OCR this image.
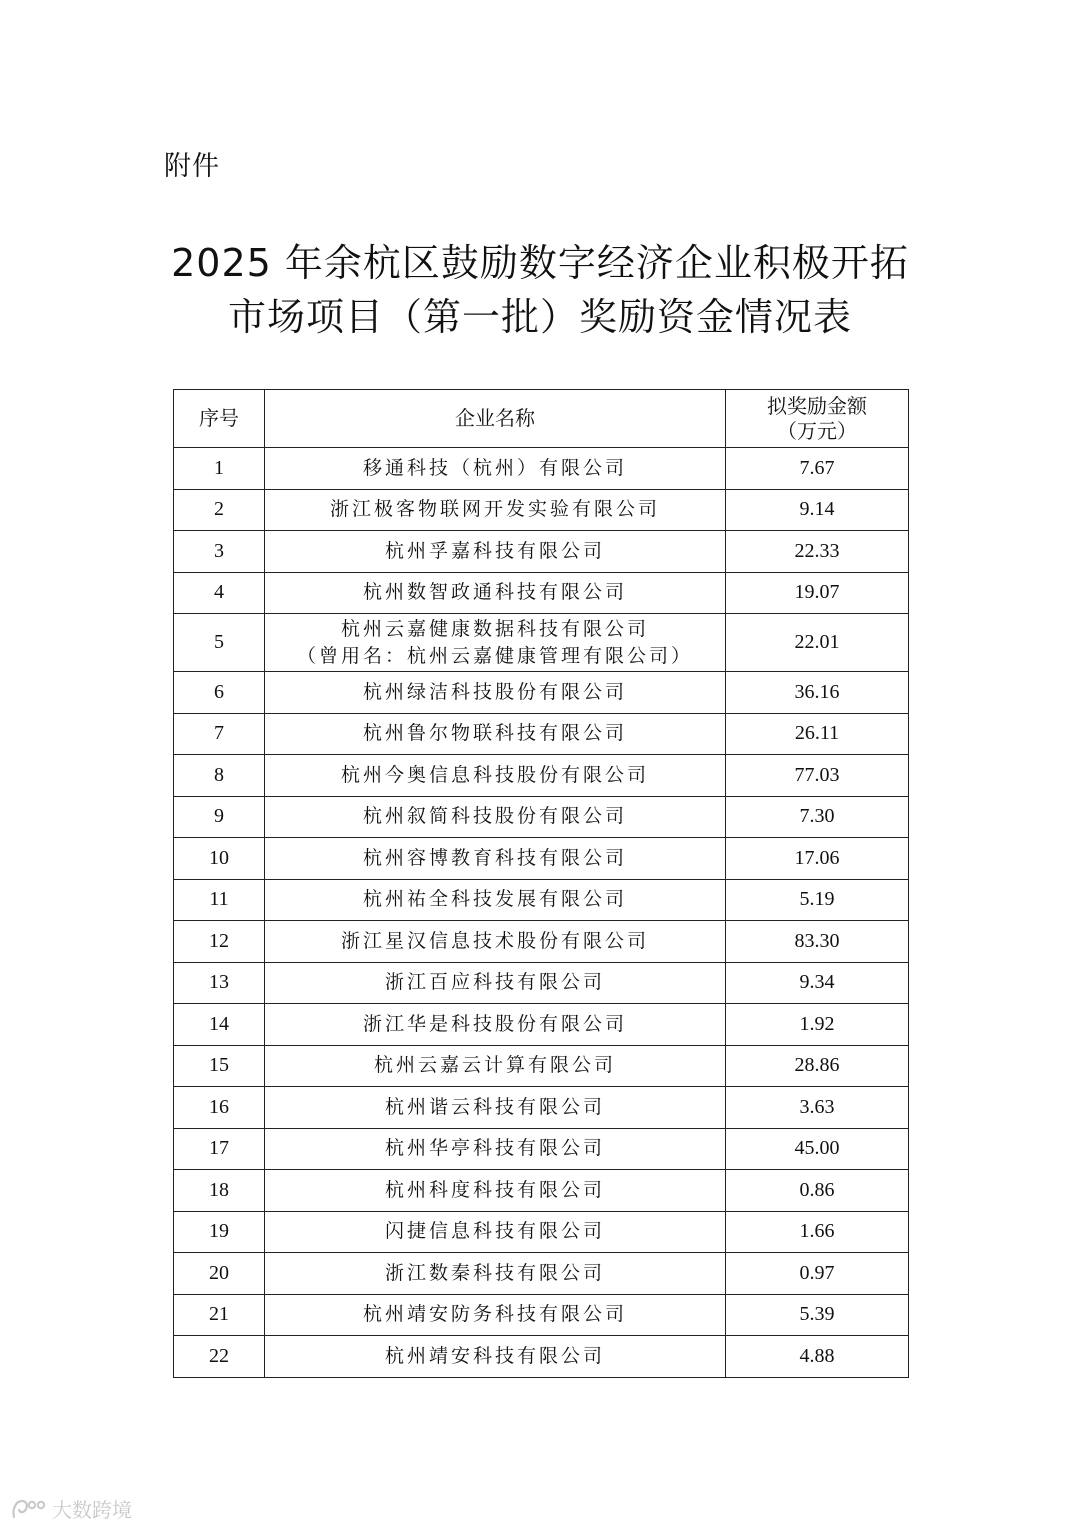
附件
2025 年余杭区鼓励数字经济企业积极开拓
市场项目（第一批）奖励资金情况表
序号	企业名称	拟奖励金额
（万元）

1	移通科技（杭州）有限公司	7.67
2	浙江极客物联网开发实验有限公司	9.14
3	杭州孚嘉科技有限公司	22.33
4	杭州数智政通科技有限公司	19.07
5	杭州云嘉健康数据科技有限公司
（曾用名：杭州云嘉健康管理有限公司）	22.01
6	杭州绿洁科技股份有限公司	36.16
7	杭州鲁尔物联科技有限公司	26.11
8	杭州今奥信息科技股份有限公司	77.03
9	杭州叙简科技股份有限公司	7.30
10	杭州容博教育科技有限公司	17.06
11	杭州祐全科技发展有限公司	5.19
12	浙江星汉信息技术股份有限公司	83.30
13	浙江百应科技有限公司	9.34
14	浙江华是科技股份有限公司	1.92
15	杭州云嘉云计算有限公司	28.86
16	杭州谐云科技有限公司	3.63
17	杭州华亭科技有限公司	45.00
18	杭州科度科技有限公司	0.86
19	闪捷信息科技有限公司	1.66
20	浙江数秦科技有限公司	0.97
21	杭州靖安防务科技有限公司	5.39
22	杭州靖安科技有限公司	4.88
大数跨境
